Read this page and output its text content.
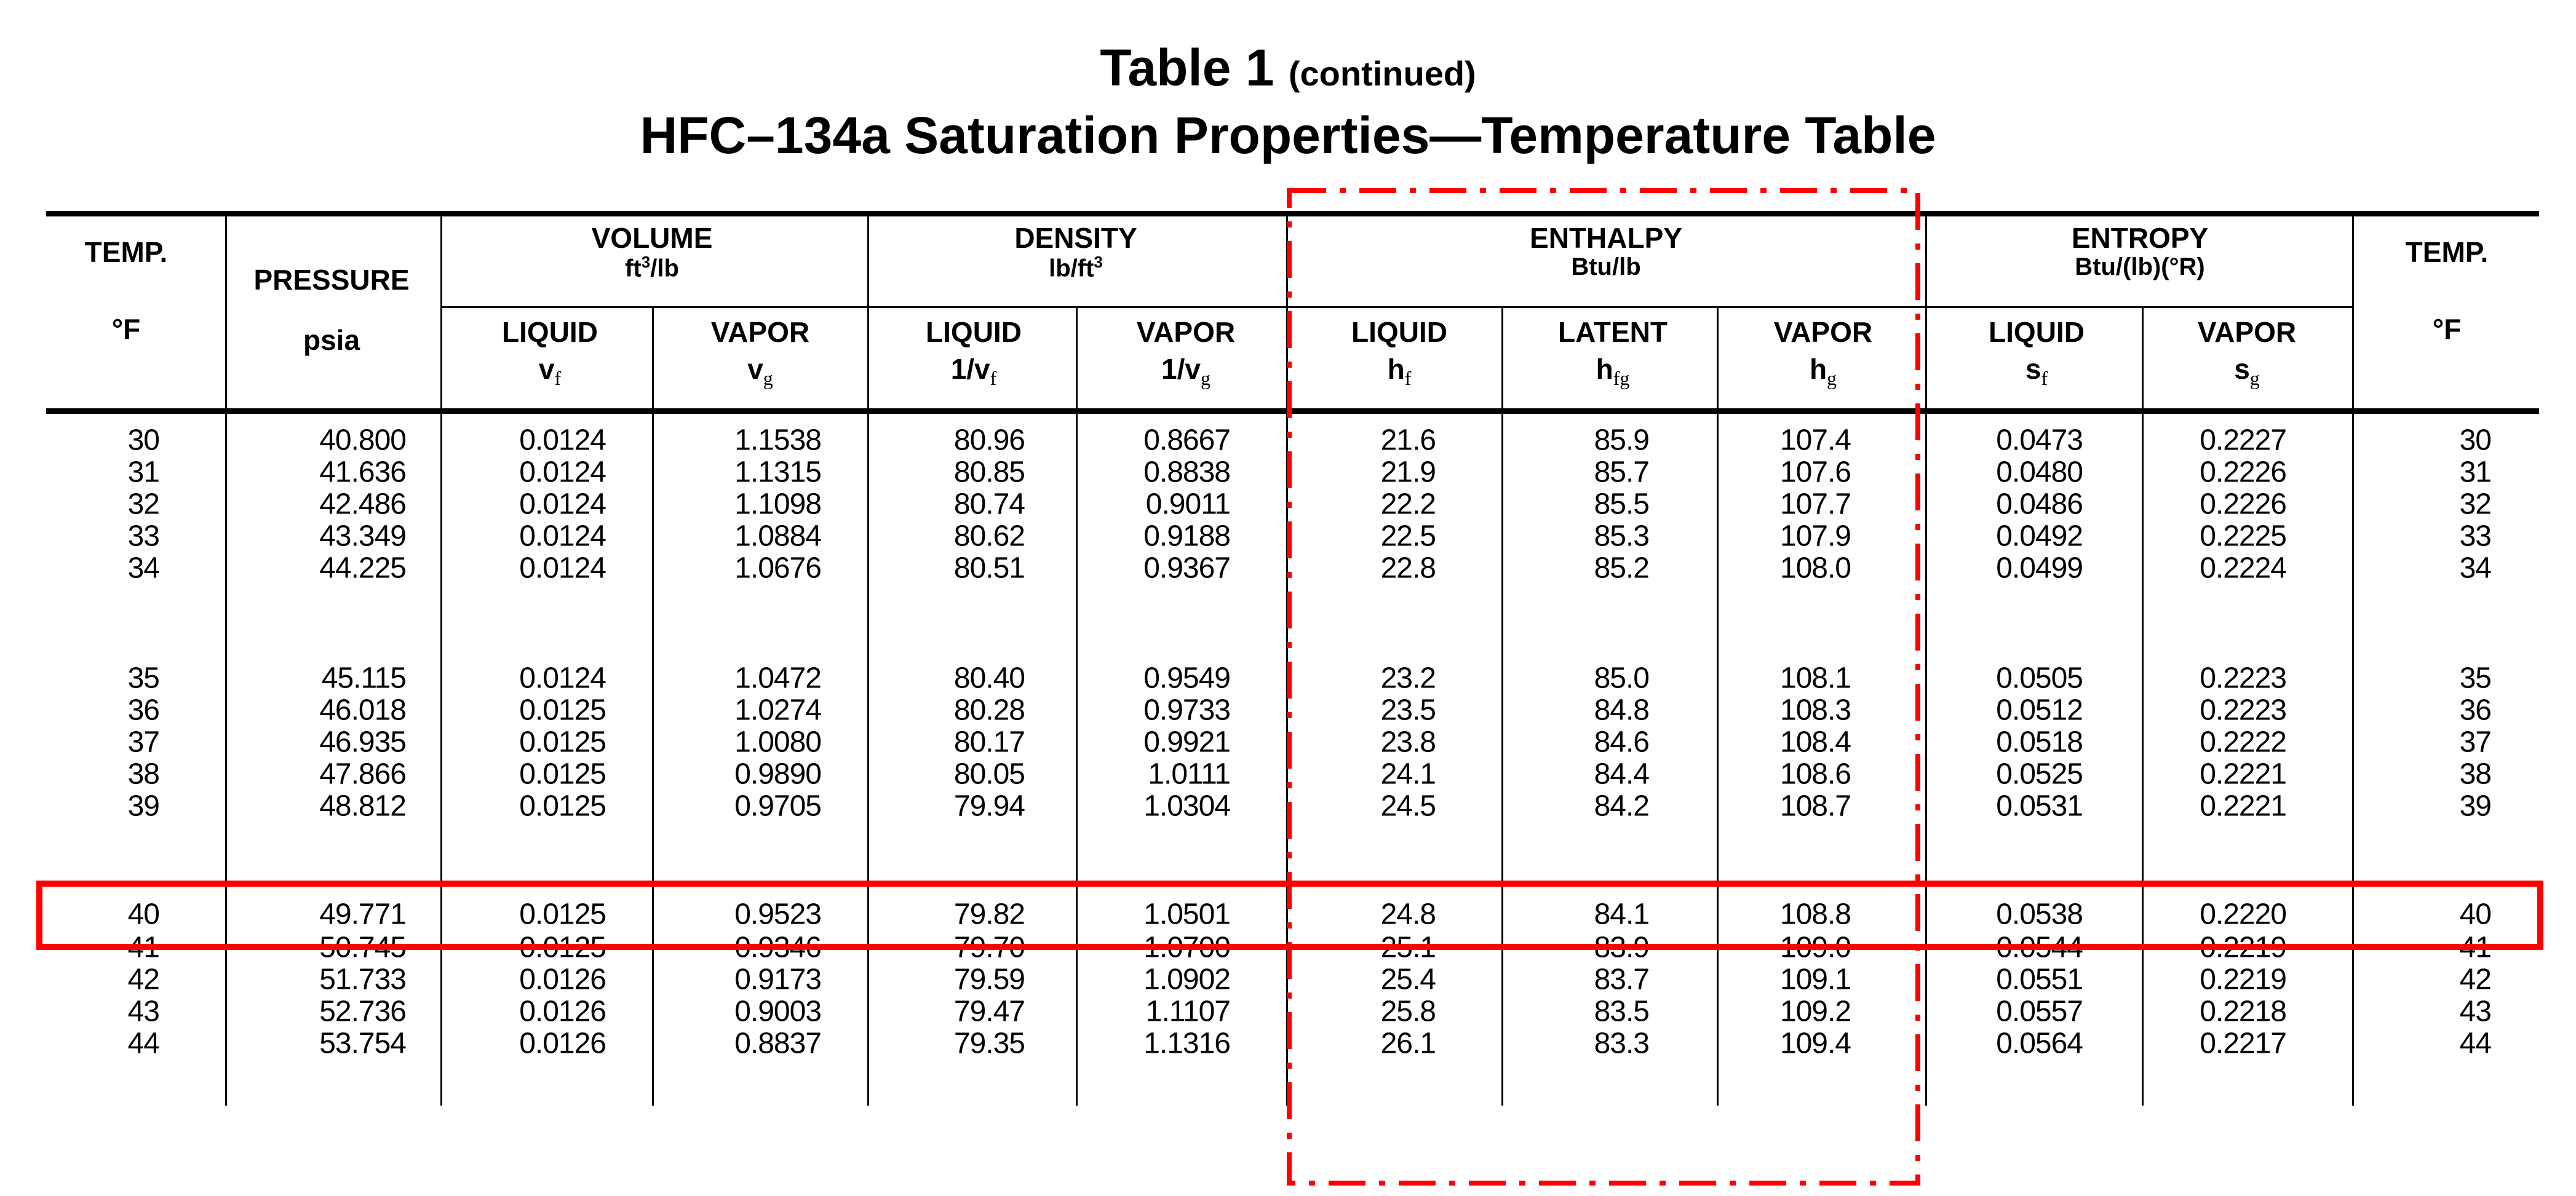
Table 1 (continued)
HFC–134a Saturation Properties—Temperature Table
TEMP.
°F
PRESSURE
psia
VOLUME
$ft^3/lb$
DENSITY
$lb/ft^3$
ENTHALPY
Btu/lb
ENTROPY
Btu/(lb)(°R)	TEMP.
°F
LIQUID
$v_f$
VAPOR
$v_g$
LIQUID
$1/v_f$
VAPOR
$1/v_g$
LIQUID
$h_f$
LATENT
$h_{fg}$
VAPOR
$h_g$
LIQUID
$s_f$
VAPOR
$s_g$
30	40.800	0.0124	1.1538	80.96	0.8667	21.6	85.9	107.4	0.0473	0.2227	30
31	41.636	0.0124	1.1315	80.85	0.8838	21.9	85.7	107.6	0.0480	0.2226	31
32	42.486	0.0124	1.1098	80.74	0.9011	22.2	85.5	107.7	0.0486	0.2226	32
33	43.349	0.0124	1.0884	80.62	0.9188	22.5	85.3	107.9	0.0492	0.2225	33
34	44.225	0.0124	1.0676	80.51	0.9367	22.8	85.2	108.0	0.0499	0.2224	34
35	45.115	0.0124	1.0472	80.40	0.9549	23.2	85.0	108.1	0.0505	0.2223	35
36	46.018	0.0125	1.0274	80.28	0.9733	23.5	84.8	108.3	0.0512	0.2223	36
37	46.935	0.0125	1.0080	80.17	0.9921	23.8	84.6	108.4	0.0518	0.2222	37
38	47.866	0.0125	0.9890	80.05	1.0111	24.1	84.4	108.6	0.0525	0.2221	38
39	48.812	0.0125	0.9705	79.94	1.0304	24.5	84.2	108.7	0.0531	0.2221	39
40	49.771	0.0125	0.9523	79.82	1.0501	24.8	84.1	108.8	0.0538	0.2220	40
41	50.745	0.0125	0.9346	79.70	1.0700	25.1	83.9	109.0	0.0544	0.2219	41
42	51.733	0.0126	0.9173	79.59	1.0902	25.4	83.7	109.1	0.0551	0.2219	42
43	52.736	0.0126	0.9003	79.47	1.1107	25.8	83.5	109.2	0.0557	0.2218	43
44	53.754	0.0126	0.8837	79.35	1.1316	26.1	83.3	109.4	0.0564	0.2217	44
